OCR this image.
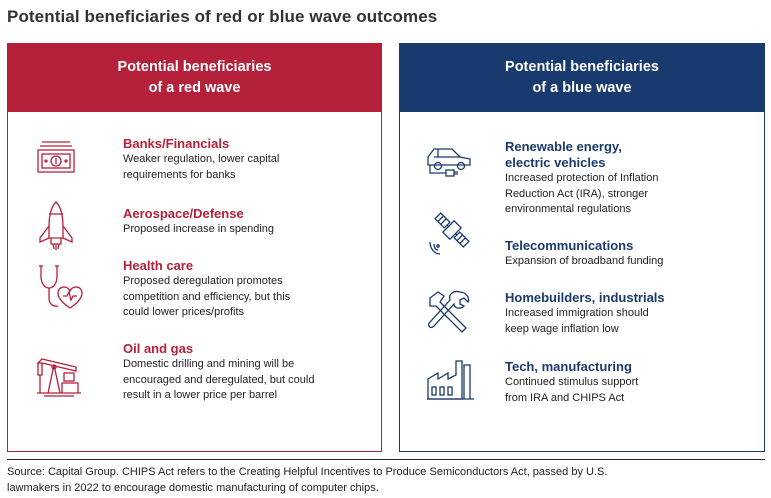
Potential beneficiaries of red or blue wave outcomes
Potential beneficiaries
of a red wave
Banks/Financials
Weaker regulation, lower capital
requirements for banks
Aerospace/Defense
Proposed increase in spending
Health care
Proposed deregulation promotes
competition and efficiency, but this
could lower prices/profits
Oil and gas
Domestic drilling and mining will be
encouraged and deregulated, but could
result in a lower price per barrel
Potential beneficiaries
of a blue wave
Renewable energy,
electric vehicles
Increased protection of Inflation
Reduction Act (IRA), stronger
environmental regulations
Telecommunications
Expansion of broadband funding
Homebuilders, industrials
Increased immigration should
keep wage inflation low
Tech, manufacturing
Continued stimulus support
from IRA and CHIPS Act
Source: Capital Group. CHIPS Act refers to the Creating Helpful Incentives to Produce Semiconductors Act, passed by U.S.
lawmakers in 2022 to encourage domestic manufacturing of computer chips.
